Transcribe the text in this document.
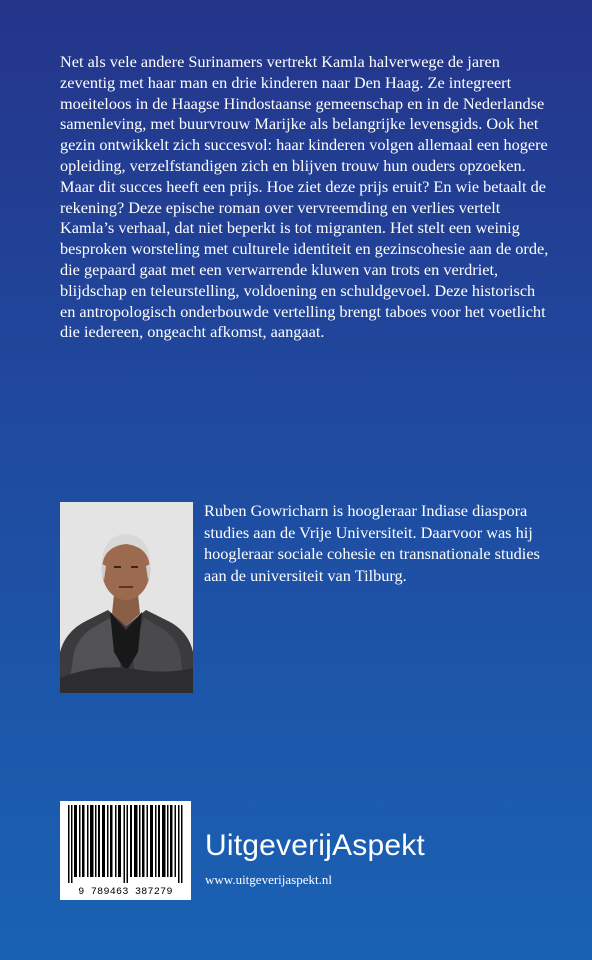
Net als vele andere Surinamers vertrekt Kamla halverwege de jaren zeventig met haar man en drie kinderen naar Den Haag. Ze integreert moeiteloos in de Haagse Hindostaanse gemeenschap en in de Nederlandse samenleving, met buurvrouw Marijke als belangrijke levensgids. Ook het gezin ontwikkelt zich succesvol: haar kinderen volgen allemaal een hogere opleiding, verzelfstandigen zich en blijven trouw hun ouders opzoeken. Maar dit succes heeft een prijs. Hoe ziet deze prijs eruit? En wie betaalt de rekening? Deze epische roman over vervreemding en verlies vertelt Kamla’s verhaal, dat niet beperkt is tot migranten. Het stelt een weinig besproken worsteling met culturele identiteit en gezinscohesie aan de orde, die gepaard gaat met een verwarrende kluwen van trots en verdriet, blijdschap en teleurstelling, voldoening en schuldgevoel. Deze historisch en antropologisch onderbouwde vertelling brengt taboes voor het voetlicht die iedereen, ongeacht afkomst, aangaat.

Ruben Gowricharn is hoogleraar Indiase diaspora studies aan de Vrije Universiteit. Daarvoor was hij hoogleraar sociale cohesie en transnationale studies aan de universiteit van Tilburg.

9 789463 387279
UitgeverijAspekt
www.uitgeverijaspekt.nl
